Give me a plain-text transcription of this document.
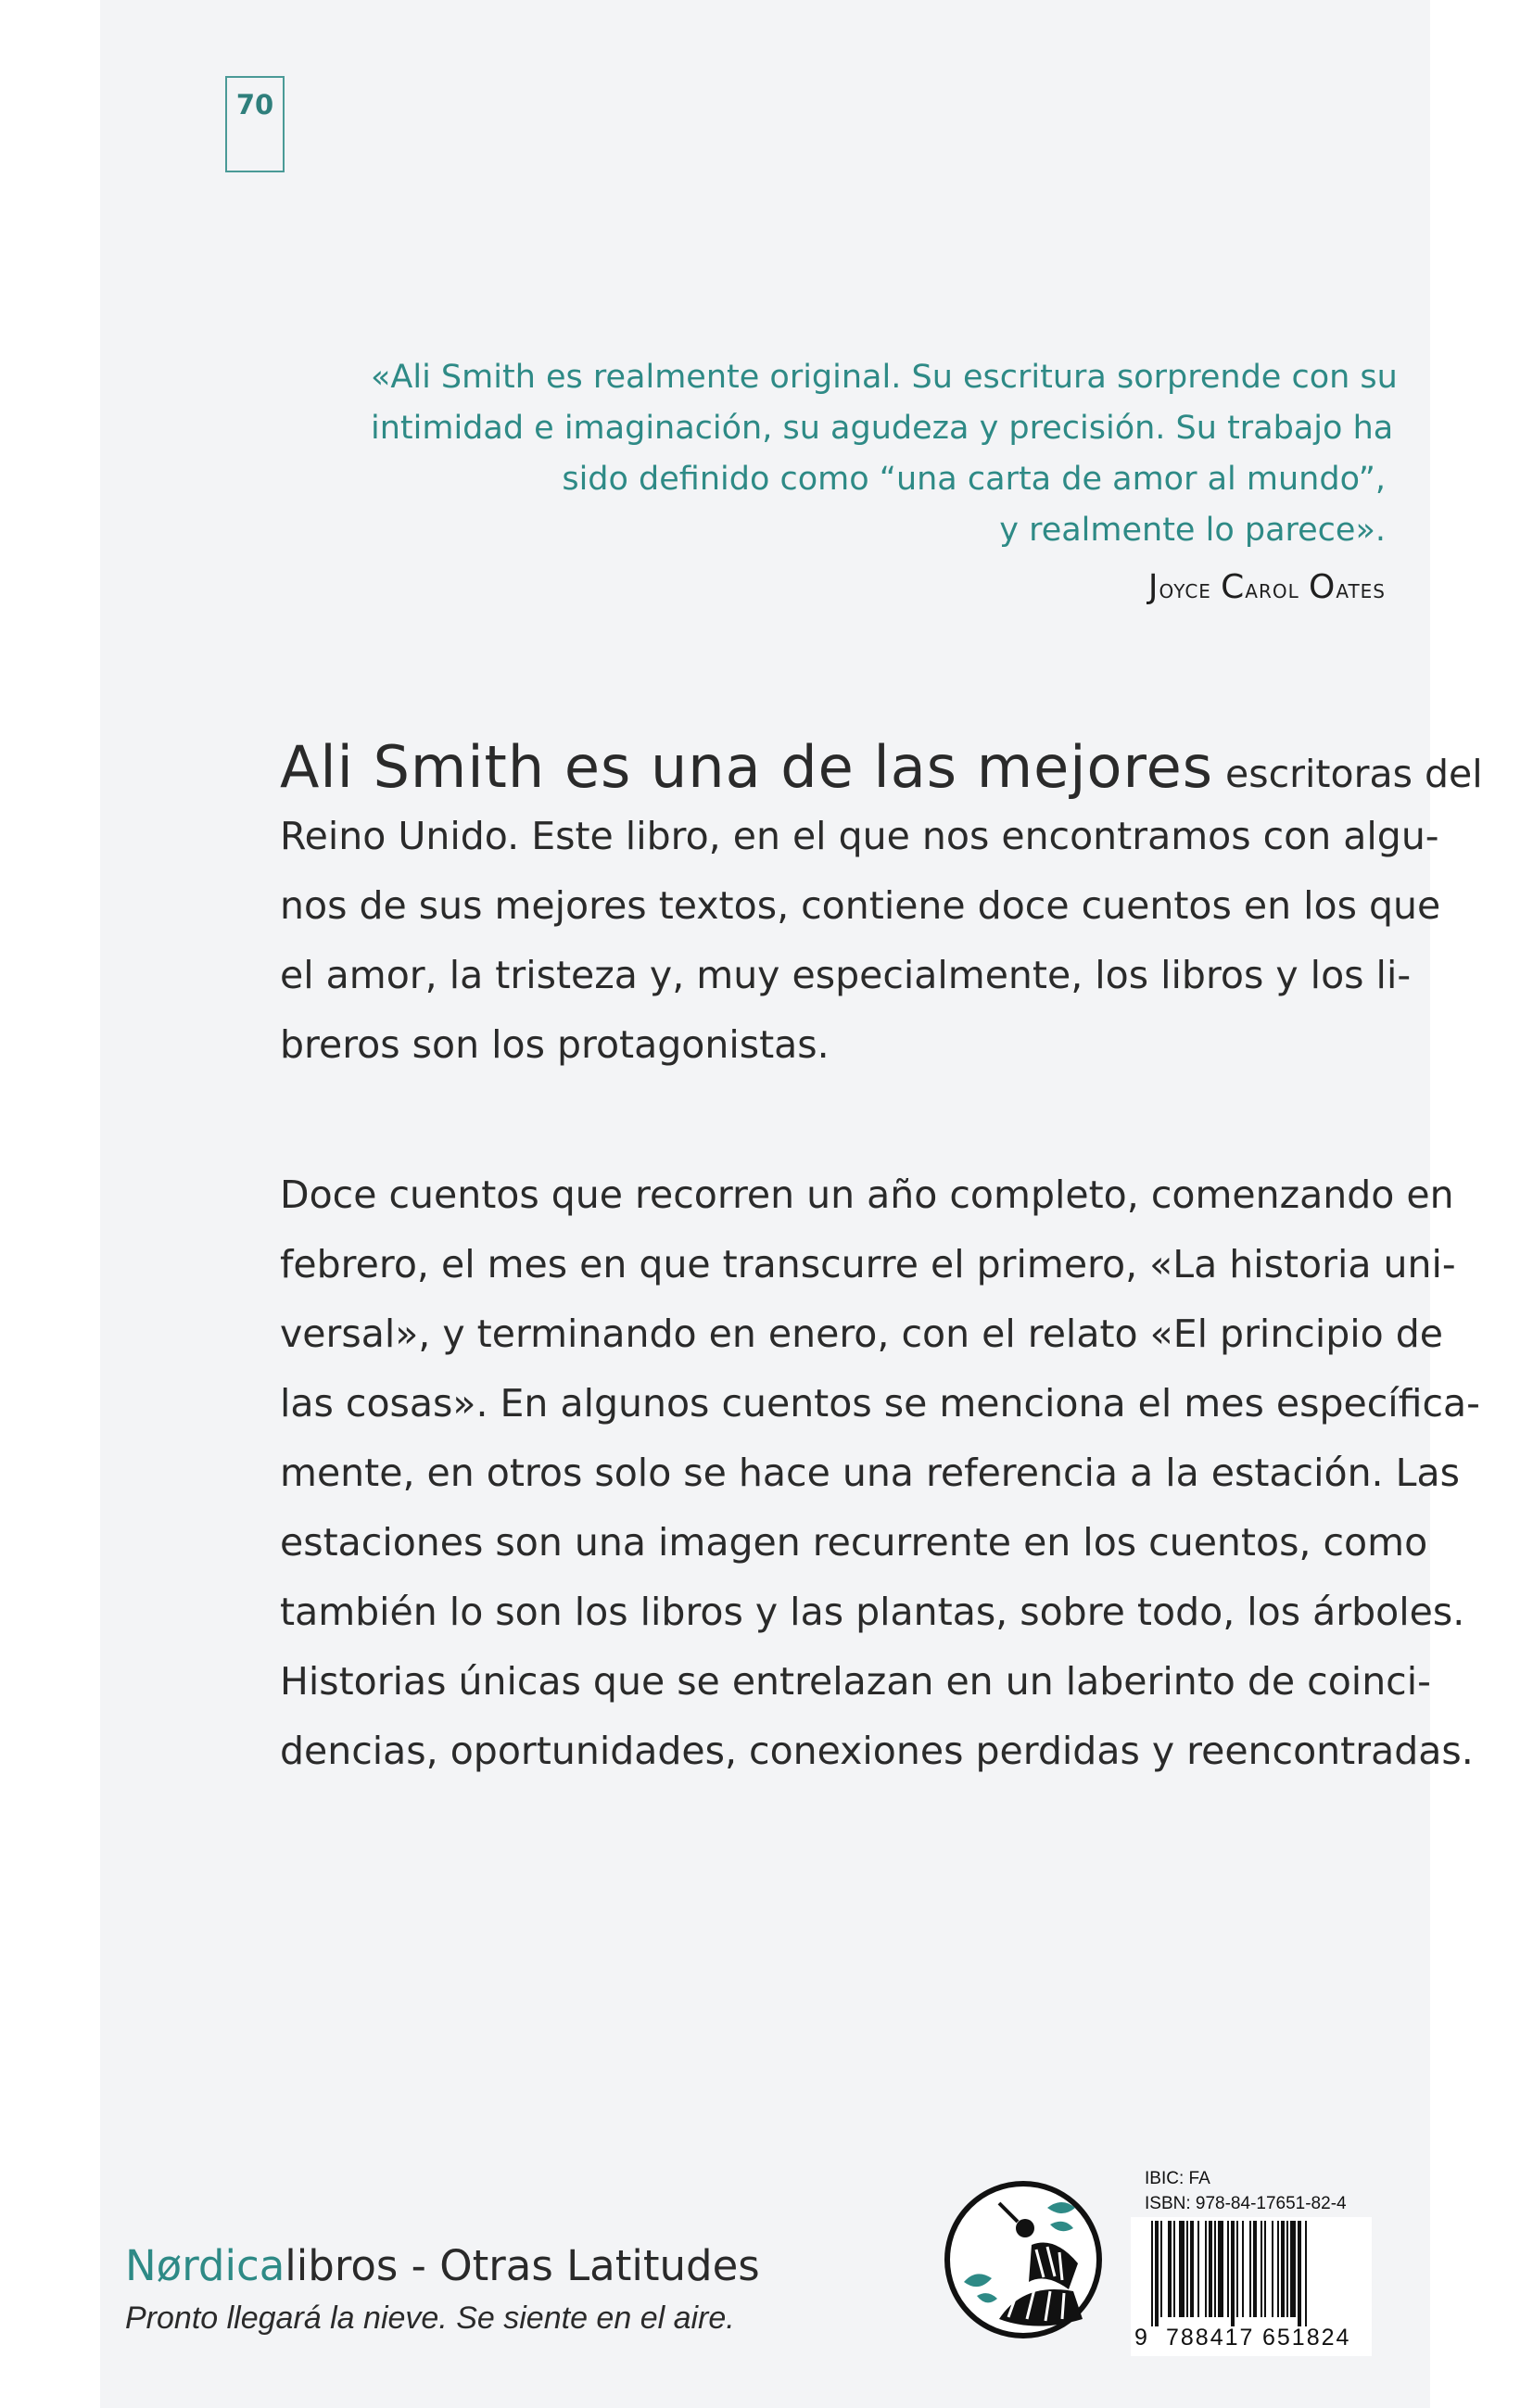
70
«Ali Smith es realmente original. Su escritura sorprende con su
intimidad e imaginación, su agudeza y precisión. Su trabajo ha
sido definido como “una carta de amor al mundo”,
y realmente lo parece».
Joyce Carol Oates
Ali Smith es una de las mejores escritoras del
Reino Unido. Este libro, en el que nos encontramos con algu-
nos de sus mejores textos, contiene doce cuentos en los que
el amor, la tristeza y, muy especialmente, los libros y los li-
breros son los protagonistas.
Doce cuentos que recorren un año completo, comenzando en
febrero, el mes en que transcurre el primero, «La historia uni-
versal», y terminando en enero, con el relato «El principio de
las cosas». En algunos cuentos se menciona el mes específica-
mente, en otros solo se hace una referencia a la estación. Las
estaciones son una imagen recurrente en los cuentos, como
también lo son los libros y las plantas, sobre todo, los árboles.
Historias únicas que se entrelazan en un laberinto de coinci-
dencias, oportunidades, conexiones perdidas y reencontradas.
Nørdicalibros - Otras Latitudes
Pronto llegará la nieve. Se siente en el aire.
IBIC: FA
ISBN: 978-84-17651-82-4
9 788417 651824
